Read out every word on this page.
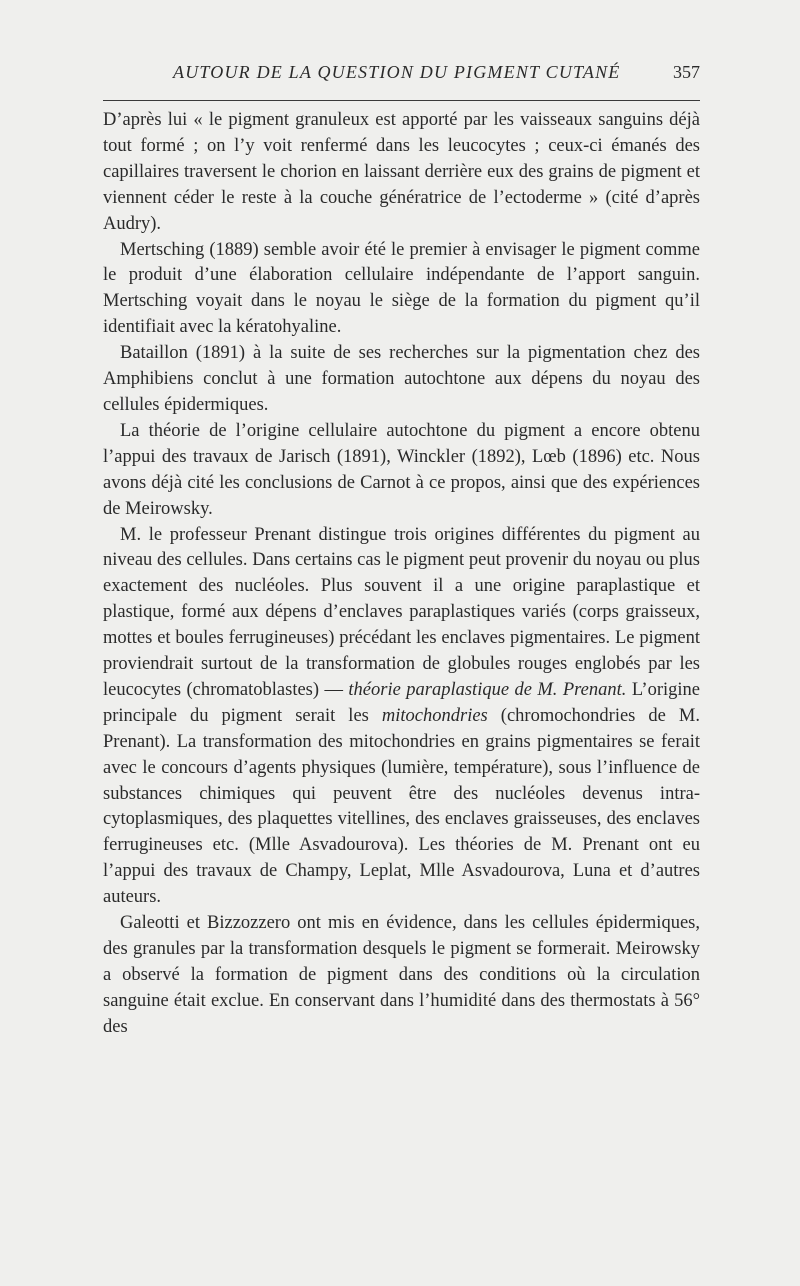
AUTOUR DE LA QUESTION DU PIGMENT CUTANÉ	357

D’après lui « le pigment granuleux est apporté par les vaisseaux sanguins déjà tout formé ; on l’y voit renfermé dans les leucocytes ; ceux-ci émanés des capillaires traversent le chorion en laissant derrière eux des grains de pigment et viennent céder le reste à la couche génératrice de l’ectoderme » (cité d’après Audry).

Mertsching (1889) semble avoir été le premier à envisager le pigment comme le produit d’une élaboration cellulaire indépendante de l’apport sanguin. Mertsching voyait dans le noyau le siège de la formation du pigment qu’il identifiait avec la kératohyaline.

Bataillon (1891) à la suite de ses recherches sur la pigmentation chez des Amphibiens conclut à une formation autochtone aux dépens du noyau des cellules épidermiques.

La théorie de l’origine cellulaire autochtone du pigment a encore obtenu l’appui des travaux de Jarisch (1891), Winckler (1892), Lœb (1896) etc. Nous avons déjà cité les conclusions de Carnot à ce propos, ainsi que des expériences de Meirowsky.

M. le professeur Prenant distingue trois origines différentes du pigment au niveau des cellules. Dans certains cas le pigment peut provenir du noyau ou plus exactement des nucléoles. Plus souvent il a une origine paraplastique et plastique, formé aux dépens d’enclaves paraplastiques variés (corps graisseux, mottes et boules ferrugineuses) précédant les enclaves pigmentaires. Le pigment proviendrait surtout de la transformation de globules rouges englobés par les leucocytes (chromatoblastes) — théorie paraplastique de M. Prenant. L’origine principale du pigment serait les mitochondries (chromochondries de M. Prenant). La transformation des mitochondries en grains pigmentaires se ferait avec le concours d’agents physiques (lumière, température), sous l’influence de substances chimiques qui peuvent être des nucléoles devenus intra-cytoplasmiques, des plaquettes vitellines, des enclaves graisseuses, des enclaves ferrugineuses etc. (Mlle Asvadourova). Les théories de M. Prenant ont eu l’appui des travaux de Champy, Leplat, Mlle Asvadourova, Luna et d’autres auteurs.

Galeotti et Bizzozzero ont mis en évidence, dans les cellules épidermiques, des granules par la transformation desquels le pigment se formerait. Meirowsky a observé la formation de pigment dans des conditions où la circulation sanguine était exclue. En conservant dans l’humidité dans des thermostats à 56° des
